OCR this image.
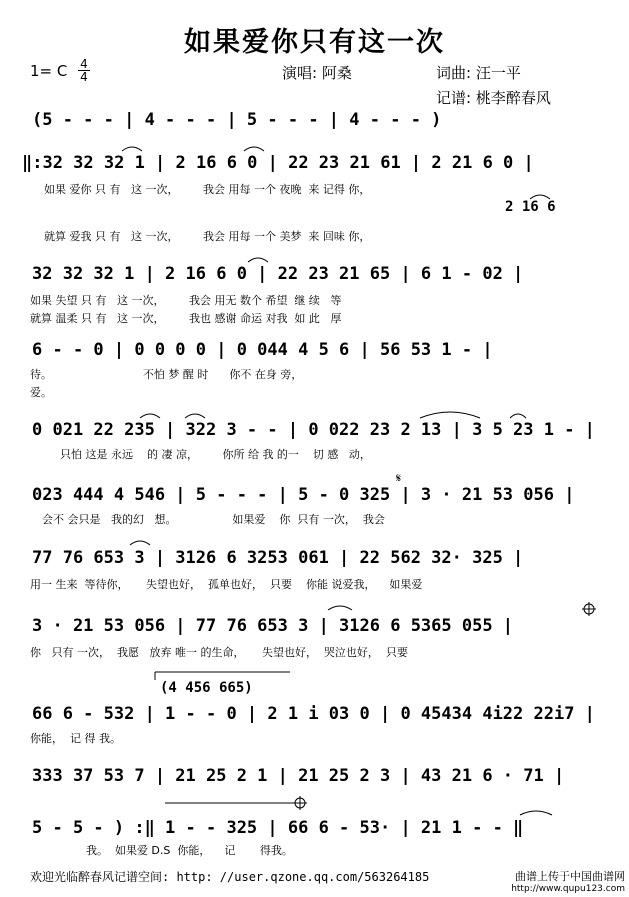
如果爱你只有这一次
1= C $\frac{4}{4}$	演唱: 阿桑	词曲: 汪一平
记谱: 桃李醉春风
(5 - - - | 4 - - - | 5 - - - | 4 - - - )
‖:32 32 32 1 | 2 16 6 0 | 22 23 21 61 | 2 21 6 0 |
如果 爱你 只 有   这 一次，       我会 用每 一个 夜晚  来 记得 你，
2 16 6
就算 爱我 只 有   这 一次，       我会 用每 一个 美梦  来 回味 你，
32 32 32 1 | 2 16 6 0 | 22 23 21 65 | 6 1 - 02 |
如果 失望 只 有   这 一次，       我会 用无 数个 希望  继 续   等
就算 温柔 只 有   这 一次，       我也 感谢 命运 对我  如 此   厚
6 - - 0 | 0 0 0 0 | 0 044 4 5 6 | 56 53 1 - |
待。                          不怕 梦 醒 时      你不 在身 旁，
爱。
0 021 22 235 | 322 3 - - | 0 022 23 2 13 | 3 5 23 1 - |
只怕 这是 永远    的 凄 凉，       你所 给 我 的一    切 感   动，
023 444 4 546 | 5 - - - | 5 - 0 325 | 3 · 21 53 056 |
会不 会只是   我的幻   想。                如果爱    你  只有 一次，  我会
77 76 653 3 | 3126 6 3253 061 | 22 562 32· 325 |
用一 生来  等待你，     失望也好，  孤单也好，  只要    你能 说爱我，    如果爱
3 · 21 53 056 | 77 76 653 3 | 3126 6 5365 055 |
你   只有 一次，  我愿   放弃 唯一 的生命，     失望也好，  哭泣也好，  只要
(4 456 665)
66 6 - 532 | 1 - - 0 | 2 1 i 03 0 | 0 45434 4i22 22i7 |
你能，  记 得 我。
333 37 53 7 | 21 25 2 1 | 21 25 2 3 | 43 21 6 · 71 |
5 - 5 - ) :‖ 1 - - 325 | 66 6 - 53· | 21 1 - - ‖
我。  如果爱 D.S  你能，    记       得我。
𝄋
欢迎光临醉春风记谱空间: http: //user.qzone.qq.com/563264185	曲谱上传于中国曲谱网
http://www.qupu123.com
